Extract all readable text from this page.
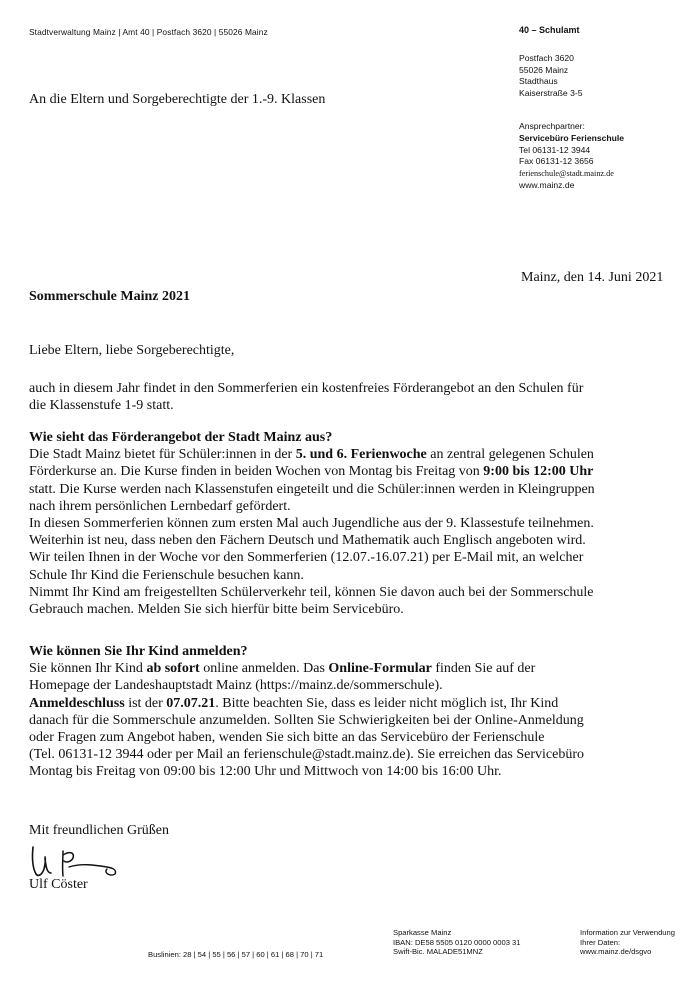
Stadtverwaltung Mainz | Amt 40 | Postfach 3620 | 55026 Mainz	40 – Schulamt
Postfach 3620
55026 Mainz
Stadthaus
Kaiserstraße 3-5
Ansprechpartner:
Servicebüro Ferienschule
Tel 06131-12 3944
Fax 06131-12 3656
ferienschule@stadt.mainz.de
www.mainz.de
An die Eltern und Sorgeberechtigte der 1.-9. Klassen
Mainz, den 14. Juni 2021
Sommerschule Mainz 2021
Liebe Eltern, liebe Sorgeberechtigte,

auch in diesem Jahr findet in den Sommerferien ein kostenfreies Förderangebot an den Schulen für

die Klassenstufe 1-9 statt.

Wie sieht das Förderangebot der Stadt Mainz aus?

Die Stadt Mainz bietet für Schüler:innen in der 5. und 6. Ferienwoche an zentral gelegenen Schulen

Förderkurse an. Die Kurse finden in beiden Wochen von Montag bis Freitag von 9:00 bis 12:00 Uhr

statt. Die Kurse werden nach Klassenstufen eingeteilt und die Schüler:innen werden in Kleingruppen

nach ihrem persönlichen Lernbedarf gefördert.

In diesen Sommerferien können zum ersten Mal auch Jugendliche aus der 9. Klassestufe teilnehmen.

Weiterhin ist neu, dass neben den Fächern Deutsch und Mathematik auch Englisch angeboten wird.

Wir teilen Ihnen in der Woche vor den Sommerferien (12.07.-16.07.21) per E-Mail mit, an welcher

Schule Ihr Kind die Ferienschule besuchen kann.

Nimmt Ihr Kind am freigestellten Schülerverkehr teil, können Sie davon auch bei der Sommerschule

Gebrauch machen. Melden Sie sich hierfür bitte beim Servicebüro.

Wie können Sie Ihr Kind anmelden?

Sie können Ihr Kind ab sofort online anmelden. Das Online-Formular finden Sie auf der

Homepage der Landeshauptstadt Mainz (https://mainz.de/sommerschule).

Anmeldeschluss ist der 07.07.21. Bitte beachten Sie, dass es leider nicht möglich ist, Ihr Kind

danach für die Sommerschule anzumelden. Sollten Sie Schwierigkeiten bei der Online-Anmeldung

oder Fragen zum Angebot haben, wenden Sie sich bitte an das Servicebüro der Ferienschule

(Tel. 06131-12 3944 oder per Mail an ferienschule@stadt.mainz.de). Sie erreichen das Servicebüro

Montag bis Freitag von 09:00 bis 12:00 Uhr und Mittwoch von 14:00 bis 16:00 Uhr.

Mit freundlichen Grüßen
Ulf Cöster
Buslinien: 28 | 54 | 55 | 56 | 57 | 60 | 61 | 68 | 70 | 71
Sparkasse Mainz
IBAN: DE58 5505 0120 0000 0003 31
Swift-Bic. MALADE51MNZ
Information zur Verwendung
Ihrer Daten:
www.mainz.de/dsgvo
